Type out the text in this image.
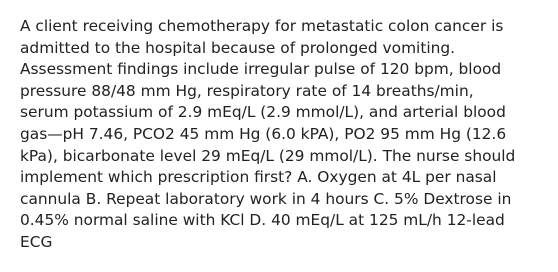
A client receiving chemotherapy for metastatic colon cancer is
admitted to the hospital because of prolonged vomiting.
Assessment findings include irregular pulse of 120 bpm, blood
pressure 88/48 mm Hg, respiratory rate of 14 breaths/min,
serum potassium of 2.9 mEq/L (2.9 mmol/L), and arterial blood
gas—pH 7.46, PCO2 45 mm Hg (6.0 kPA), PO2 95 mm Hg (12.6
kPa), bicarbonate level 29 mEq/L (29 mmol/L). The nurse should
implement which prescription first? A. Oxygen at 4L per nasal
cannula B. Repeat laboratory work in 4 hours C. 5% Dextrose in
0.45% normal saline with KCl D. 40 mEq/L at 125 mL/h 12-lead
ECG
